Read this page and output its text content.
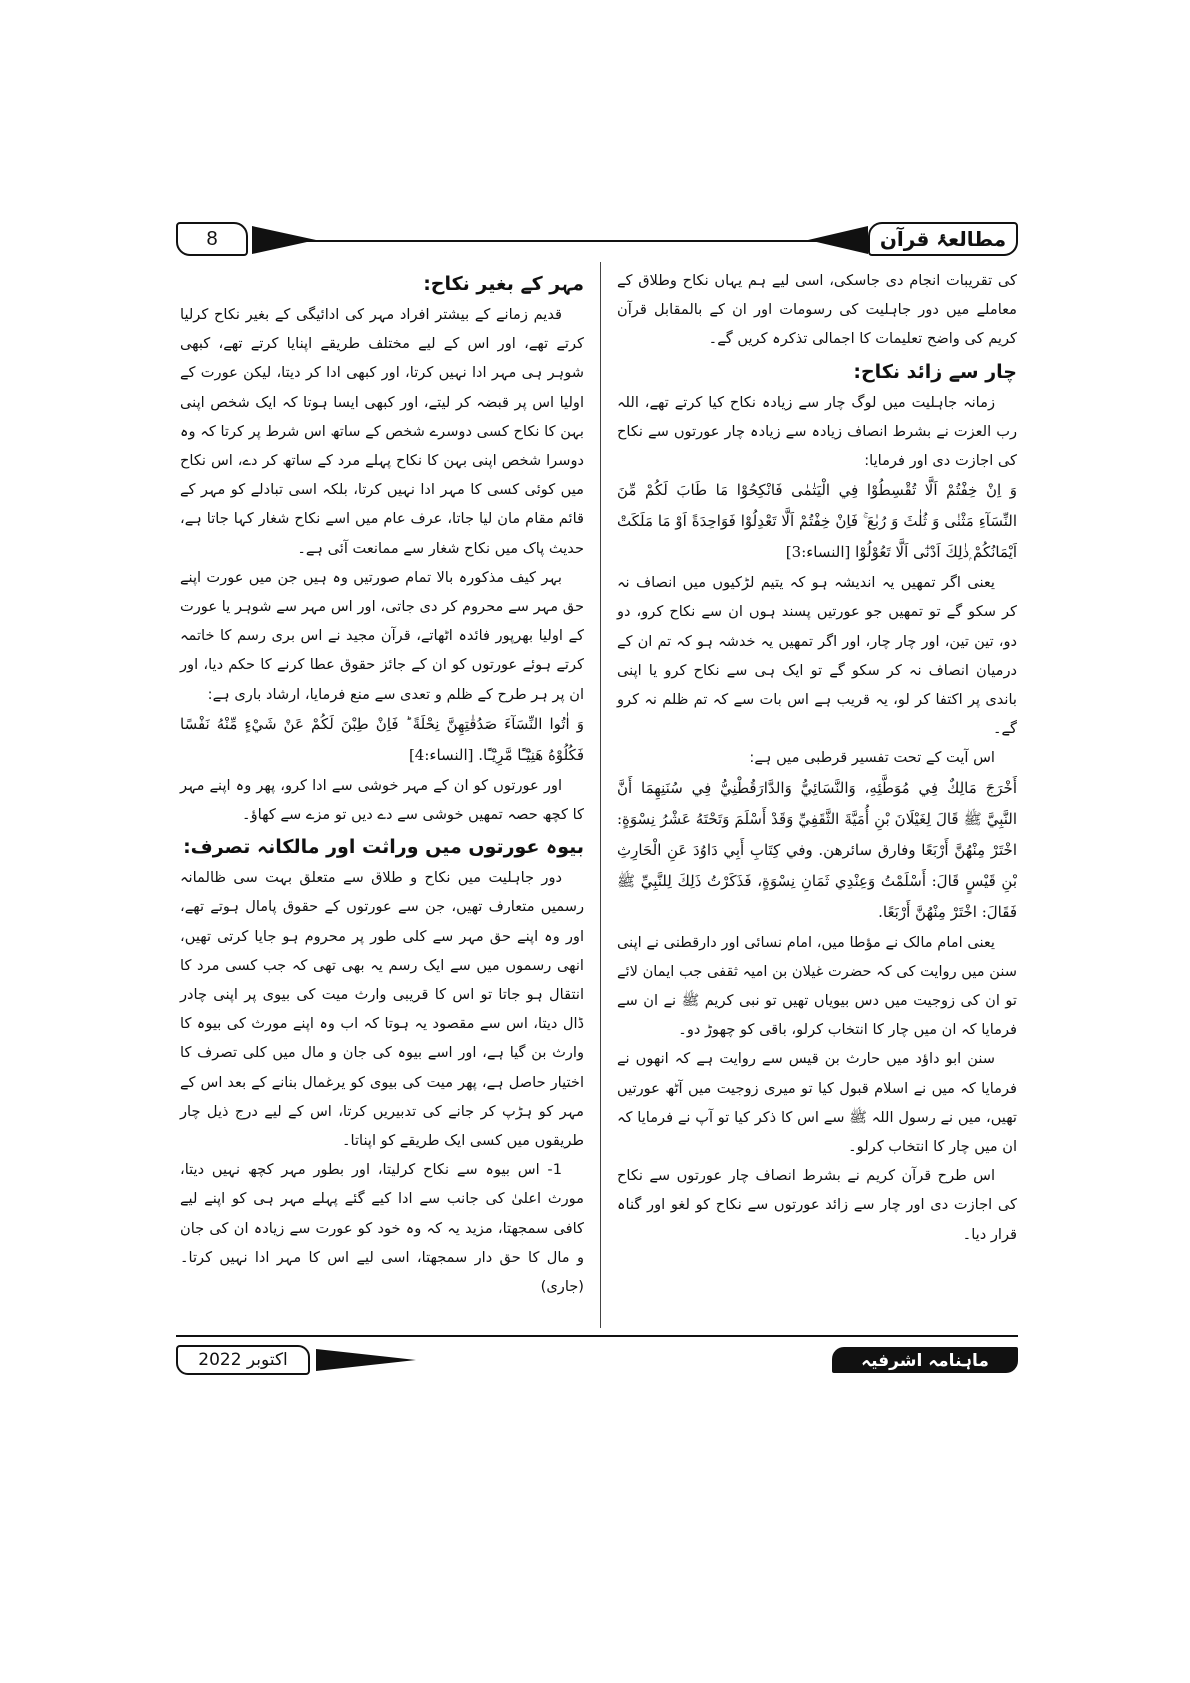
8	مطالعۂ قرآن

کی تقریبات انجام دی جاسکی، اسی لیے ہم یہاں نکاح وطلاق کے معاملے میں دور جاہلیت کی رسومات اور ان کے بالمقابل قرآن کریم کی واضح تعلیمات کا اجمالی تذکرہ کریں گے۔

چار سے زائد نکاح:

زمانہ جاہلیت میں لوگ چار سے زیادہ نکاح کیا کرتے تھے، اللہ رب العزت نے بشرط انصاف زیادہ سے زیادہ چار عورتوں سے نکاح کی اجازت دی اور فرمایا:

وَ اِنْ خِفْتُمْ اَلَّا تُقْسِطُوْا فِي الْيَتٰمٰى فَانْكِحُوْا مَا طَابَ لَكُمْ مِّنَ النِّسَآءِ مَثْنٰى وَ ثُلٰثَ وَ رُبٰعَ ۚ فَاِنْ خِفْتُمْ اَلَّا تَعْدِلُوْا فَوَاحِدَةً اَوْ مَا مَلَكَتْ اَيْمَانُكُمْ ۭذٰلِكَ اَدْنٰٓى اَلَّا تَعُوْلُوْا [النساء:3]

یعنی اگر تمھیں یہ اندیشہ ہو کہ یتیم لڑکیوں میں انصاف نہ کر سکو گے تو تمھیں جو عورتیں پسند ہوں ان سے نکاح کرو، دو دو، تین تین، اور چار چار، اور اگر تمھیں یہ خدشہ ہو کہ تم ان کے درمیان انصاف نہ کر سکو گے تو ایک ہی سے نکاح کرو یا اپنی باندی پر اکتفا کر لو، یہ قریب ہے اس بات سے کہ تم ظلم نہ کرو گے۔

اس آیت کے تحت تفسیر قرطبی میں ہے:

أَخْرَجَ مَالِكٌ فِي مُوَطَّئِهِ، وَالنَّسَائِيُّ وَالدَّارَقُطْنِيُّ فِي سُنَنِهِمَا أَنَّ النَّبِيَّ ﷺ قَالَ لِغَيْلَانَ بْنِ أُمَيَّةَ الثَّقَفِيِّ وَقَدْ أَسْلَمَ وَتَحْتَهُ عَشْرُ نِسْوَةٍ: اخْتَرْ مِنْهُنَّ أَرْبَعًا وفارق سائرهن. وفي كِتَابِ أَبِي دَاوُدَ عَنِ الْحَارِثِ بْنِ قَيْسٍ قَالَ: أَسْلَمْتُ وَعِنْدِي ثَمَانِ نِسْوَةٍ، فَذَكَرْتُ ذَلِكَ لِلنَّبِيِّ ﷺ فَقَالَ: اخْتَرْ مِنْهُنَّ أَرْبَعًا.

یعنی امام مالک نے مؤطا میں، امام نسائی اور دارقطنی نے اپنی سنن میں روایت کی کہ حضرت غیلان بن امیہ ثقفی جب ایمان لائے تو ان کی زوجیت میں دس بیویاں تھیں تو نبی کریم ﷺ نے ان سے فرمایا کہ ان میں چار کا انتخاب کرلو، باقی کو چھوڑ دو۔

سنن ابو داؤد میں حارث بن قیس سے روایت ہے کہ انھوں نے فرمایا کہ میں نے اسلام قبول کیا تو میری زوجیت میں آٹھ عورتیں تھیں، میں نے رسول اللہ ﷺ سے اس کا ذکر کیا تو آپ نے فرمایا کہ ان میں چار کا انتخاب کرلو۔

اس طرح قرآن کریم نے بشرط انصاف چار عورتوں سے نکاح کی اجازت دی اور چار سے زائد عورتوں سے نکاح کو لغو اور گناہ قرار دیا۔

مہر کے بغیر نکاح:

قدیم زمانے کے بیشتر افراد مہر کی ادائیگی کے بغیر نکاح کرلیا کرتے تھے، اور اس کے لیے مختلف طریقے اپنایا کرتے تھے، کبھی شوہر ہی مہر ادا نہیں کرتا، اور کبھی ادا کر دیتا، لیکن عورت کے اولیا اس پر قبضہ کر لیتے، اور کبھی ایسا ہوتا کہ ایک شخص اپنی بہن کا نکاح کسی دوسرے شخص کے ساتھ اس شرط پر کرتا کہ وہ دوسرا شخص اپنی بہن کا نکاح پہلے مرد کے ساتھ کر دے، اس نکاح میں کوئی کسی کا مہر ادا نہیں کرتا، بلکہ اسی تبادلے کو مہر کے قائم مقام مان لیا جاتا، عرف عام میں اسے نکاح شغار کہا جاتا ہے، حدیث پاک میں نکاح شغار سے ممانعت آئی ہے۔

بہر کیف مذکورہ بالا تمام صورتیں وہ ہیں جن میں عورت اپنے حق مہر سے محروم کر دی جاتی، اور اس مہر سے شوہر یا عورت کے اولیا بھرپور فائدہ اٹھاتے، قرآن مجید نے اس بری رسم کا خاتمہ کرتے ہوئے عورتوں کو ان کے جائز حقوق عطا کرنے کا حکم دیا، اور ان پر ہر طرح کے ظلم و تعدی سے منع فرمایا، ارشاد باری ہے:

وَ اٰتُوا النِّسَآءَ صَدُقٰتِهِنَّ نِحْلَةً ؕ فَاِنْ طِبْنَ لَكُمْ عَنْ شَيْءٍ مِّنْهُ نَفْسًا فَكُلُوْهُ هَنِيْٓـًٔا مَّرِيْٓـًٔا. [النساء:4]

اور عورتوں کو ان کے مہر خوشی سے ادا کرو، پھر وہ اپنے مہر کا کچھ حصہ تمھیں خوشی سے دے دیں تو مزے سے کھاؤ۔

بیوہ عورتوں میں وراثت اور مالکانہ تصرف:

دور جاہلیت میں نکاح و طلاق سے متعلق بہت سی ظالمانہ رسمیں متعارف تھیں، جن سے عورتوں کے حقوق پامال ہوتے تھے، اور وہ اپنے حق مہر سے کلی طور پر محروم ہو جایا کرتی تھیں، انھی رسموں میں سے ایک رسم یہ بھی تھی کہ جب کسی مرد کا انتقال ہو جاتا تو اس کا قریبی وارث میت کی بیوی پر اپنی چادر ڈال دیتا، اس سے مقصود یہ ہوتا کہ اب وہ اپنے مورث کی بیوہ کا وارث بن گیا ہے، اور اسے بیوہ کی جان و مال میں کلی تصرف کا اختیار حاصل ہے، پھر میت کی بیوی کو یرغمال بنانے کے بعد اس کے مہر کو ہڑپ کر جانے کی تدبیریں کرتا، اس کے لیے درج ذیل چار طریقوں میں کسی ایک طریقے کو اپناتا۔

1- اس بیوہ سے نکاح کرلیتا، اور بطور مہر کچھ نہیں دیتا، مورث اعلیٰ کی جانب سے ادا کیے گئے پہلے مہر ہی کو اپنے لیے کافی سمجھتا، مزید یہ کہ وہ خود کو عورت سے زیادہ ان کی جان و مال کا حق دار سمجھتا، اسی لیے اس کا مہر ادا نہیں کرتا۔ (جاری)

اکتوبر 2022	ماہنامہ اشرفیہ
